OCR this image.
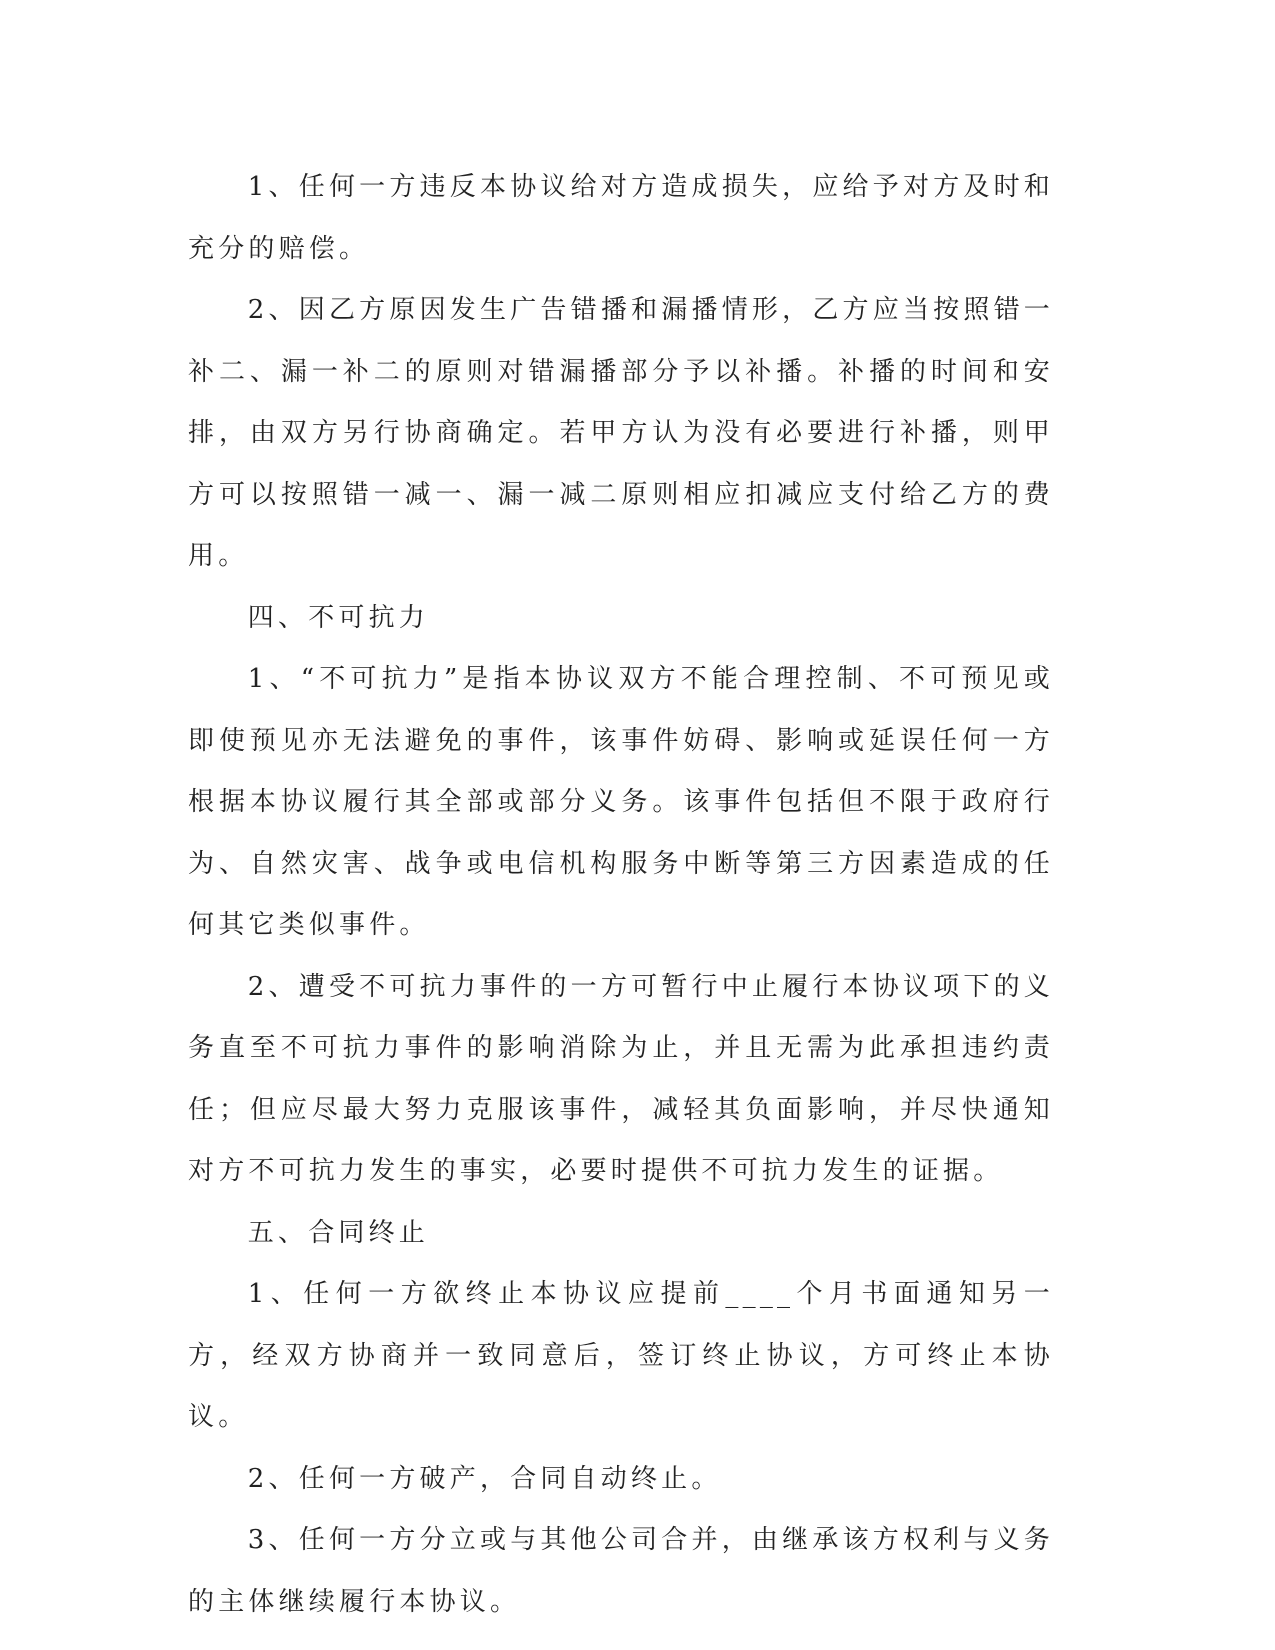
1、任何一方违反本协议给对方造成损失，应给予对方及时和充分的赔偿。

2、因乙方原因发生广告错播和漏播情形，乙方应当按照错一补二、漏一补二的原则对错漏播部分予以补播。补播的时间和安排，由双方另行协商确定。若甲方认为没有必要进行补播，则甲方可以按照错一减一、漏一减二原则相应扣减应支付给乙方的费用。

四、不可抗力

1、“不可抗力”是指本协议双方不能合理控制、不可预见或即使预见亦无法避免的事件，该事件妨碍、影响或延误任何一方根据本协议履行其全部或部分义务。该事件包括但不限于政府行为、自然灾害、战争或电信机构服务中断等第三方因素造成的任何其它类似事件。

2、遭受不可抗力事件的一方可暂行中止履行本协议项下的义务直至不可抗力事件的影响消除为止，并且无需为此承担违约责任；但应尽最大努力克服该事件，减轻其负面影响，并尽快通知对方不可抗力发生的事实，必要时提供不可抗力发生的证据。

五、合同终止

1、任何一方欲终止本协议应提前____个月书面通知另一方，经双方协商并一致同意后，签订终止协议，方可终止本协议。

2、任何一方破产，合同自动终止。

3、任何一方分立或与其他公司合并，由继承该方权利与义务的主体继续履行本协议。
